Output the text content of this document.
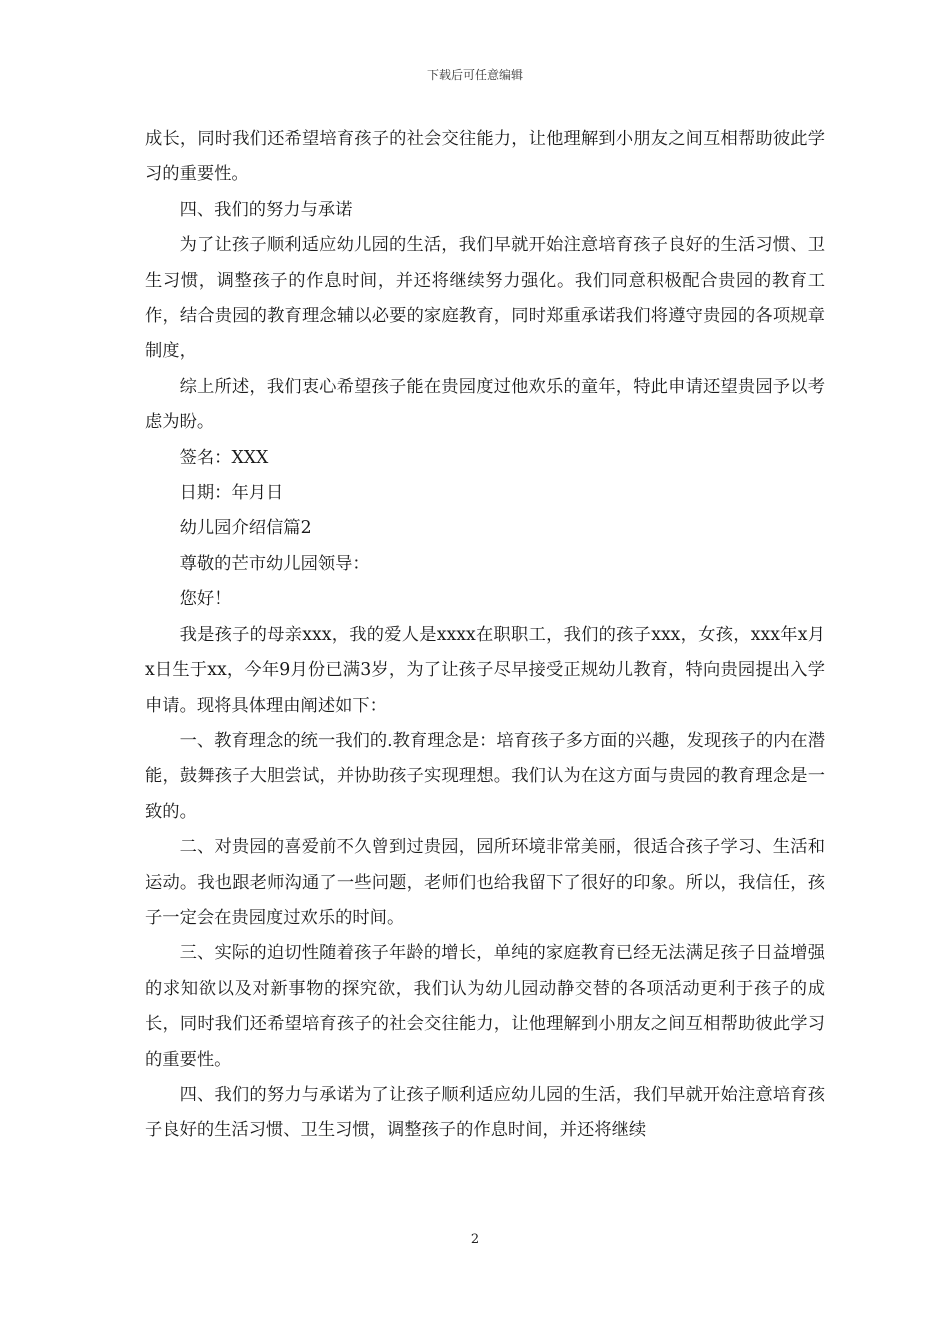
下载后可任意编辑

成长，同时我们还希望培育孩子的社会交往能力，让他理解到小朋友之间互相帮助彼此学习的重要性。

四、我们的努力与承诺

为了让孩子顺利适应幼儿园的生活，我们早就开始注意培育孩子良好的生活习惯、卫生习惯，调整孩子的作息时间，并还将继续努力强化。我们同意积极配合贵园的教育工作，结合贵园的教育理念辅以必要的家庭教育，同时郑重承诺我们将遵守贵园的各项规章制度，

综上所述，我们衷心希望孩子能在贵园度过他欢乐的童年，特此申请还望贵园予以考虑为盼。

签名：XXX

日期：年月日

幼儿园介绍信篇2

尊敬的芒市幼儿园领导：

您好！

我是孩子的母亲xxx，我的爱人是xxxx在职职工，我们的孩子xxx，女孩，xxx年x月x日生于xx，今年9月份已满3岁，为了让孩子尽早接受正规幼儿教育，特向贵园提出入学申请。现将具体理由阐述如下：

一、教育理念的统一我们的.教育理念是：培育孩子多方面的兴趣，发现孩子的内在潜能，鼓舞孩子大胆尝试，并协助孩子实现理想。我们认为在这方面与贵园的教育理念是一致的。

二、对贵园的喜爱前不久曾到过贵园，园所环境非常美丽，很适合孩子学习、生活和运动。我也跟老师沟通了一些问题，老师们也给我留下了很好的印象。所以，我信任，孩子一定会在贵园度过欢乐的时间。

三、实际的迫切性随着孩子年龄的增长，单纯的家庭教育已经无法满足孩子日益增强的求知欲以及对新事物的探究欲，我们认为幼儿园动静交替的各项活动更利于孩子的成长，同时我们还希望培育孩子的社会交往能力，让他理解到小朋友之间互相帮助彼此学习的重要性。

四、我们的努力与承诺为了让孩子顺利适应幼儿园的生活，我们早就开始注意培育孩子良好的生活习惯、卫生习惯，调整孩子的作息时间，并还将继续

2
